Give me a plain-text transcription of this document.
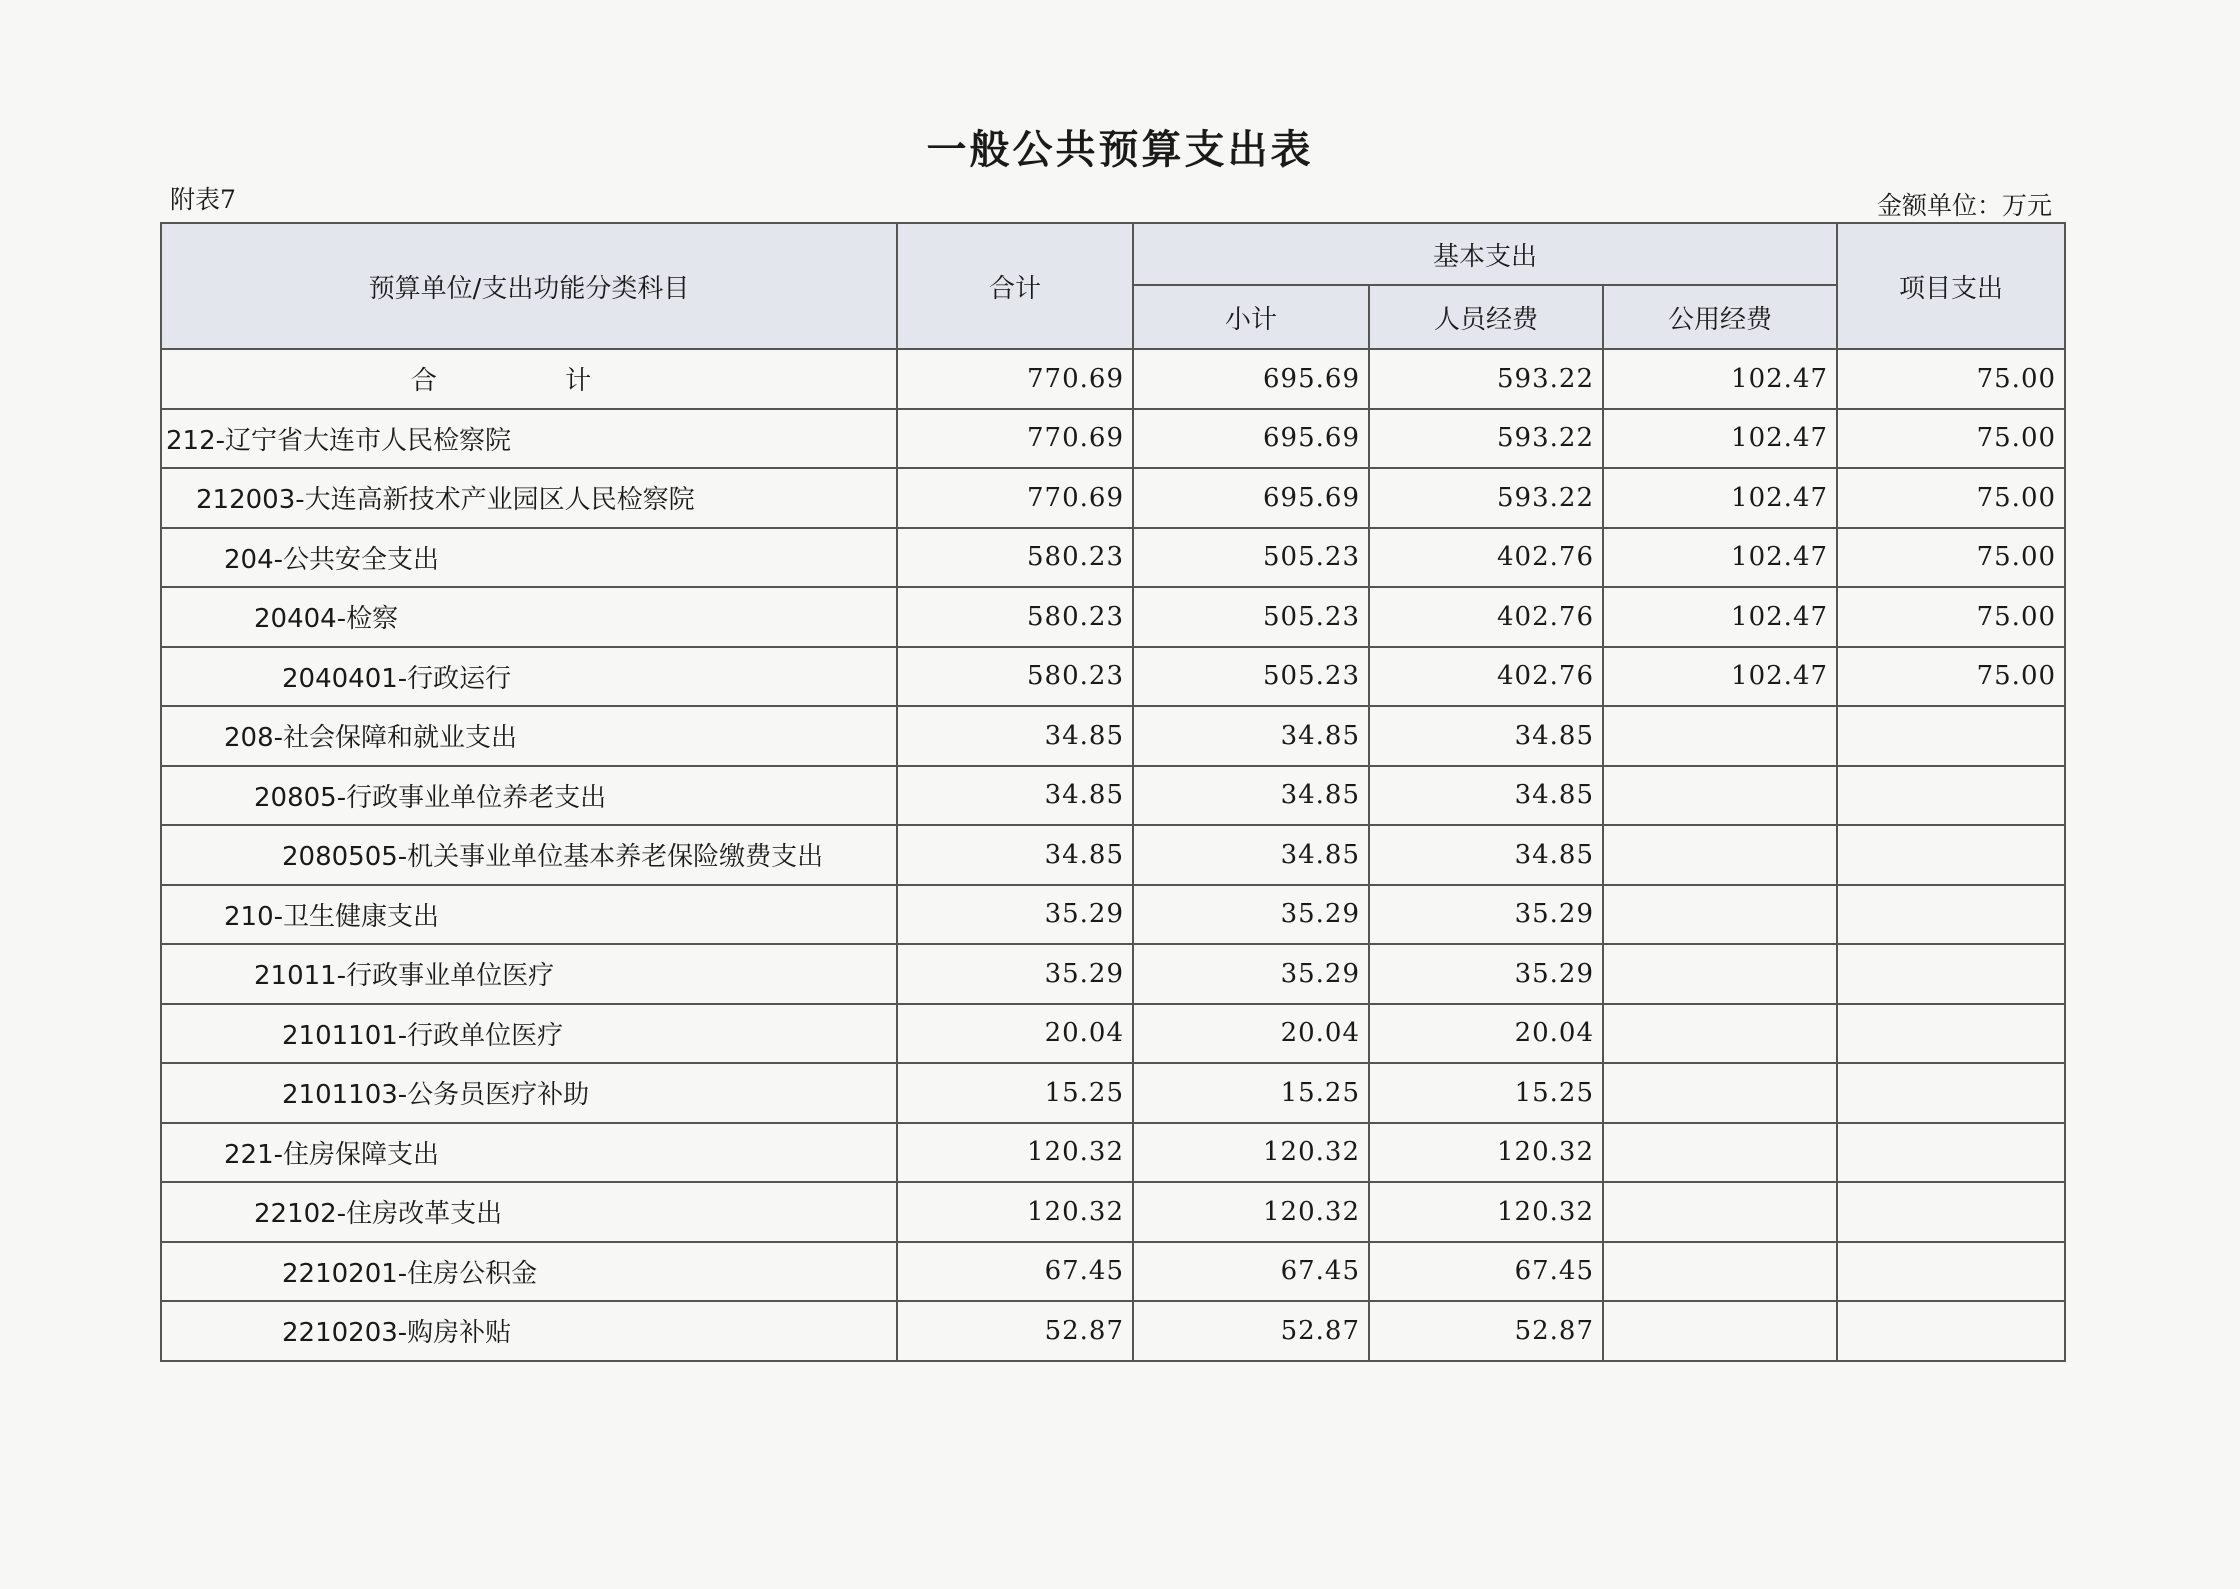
一般公共预算支出表
附表7	金额单位：万元
预算单位/支出功能分类科目	合计	基本支出			项目支出
		小计	人员经费	公用经费	
合 计	770.69	695.69	593.22	102.47	75.00
212-辽宁省大连市人民检察院	770.69	695.69	593.22	102.47	75.00
212003-大连高新技术产业园区人民检察院	770.69	695.69	593.22	102.47	75.00
204-公共安全支出	580.23	505.23	402.76	102.47	75.00
20404-检察	580.23	505.23	402.76	102.47	75.00
2040401-行政运行	580.23	505.23	402.76	102.47	75.00
208-社会保障和就业支出	34.85	34.85	34.85		
20805-行政事业单位养老支出	34.85	34.85	34.85		
2080505-机关事业单位基本养老保险缴费支出	34.85	34.85	34.85		
210-卫生健康支出	35.29	35.29	35.29		
21011-行政事业单位医疗	35.29	35.29	35.29		
2101101-行政单位医疗	20.04	20.04	20.04		
2101103-公务员医疗补助	15.25	15.25	15.25		
221-住房保障支出	120.32	120.32	120.32		
22102-住房改革支出	120.32	120.32	120.32		
2210201-住房公积金	67.45	67.45	67.45		
2210203-购房补贴	52.87	52.87	52.87		
